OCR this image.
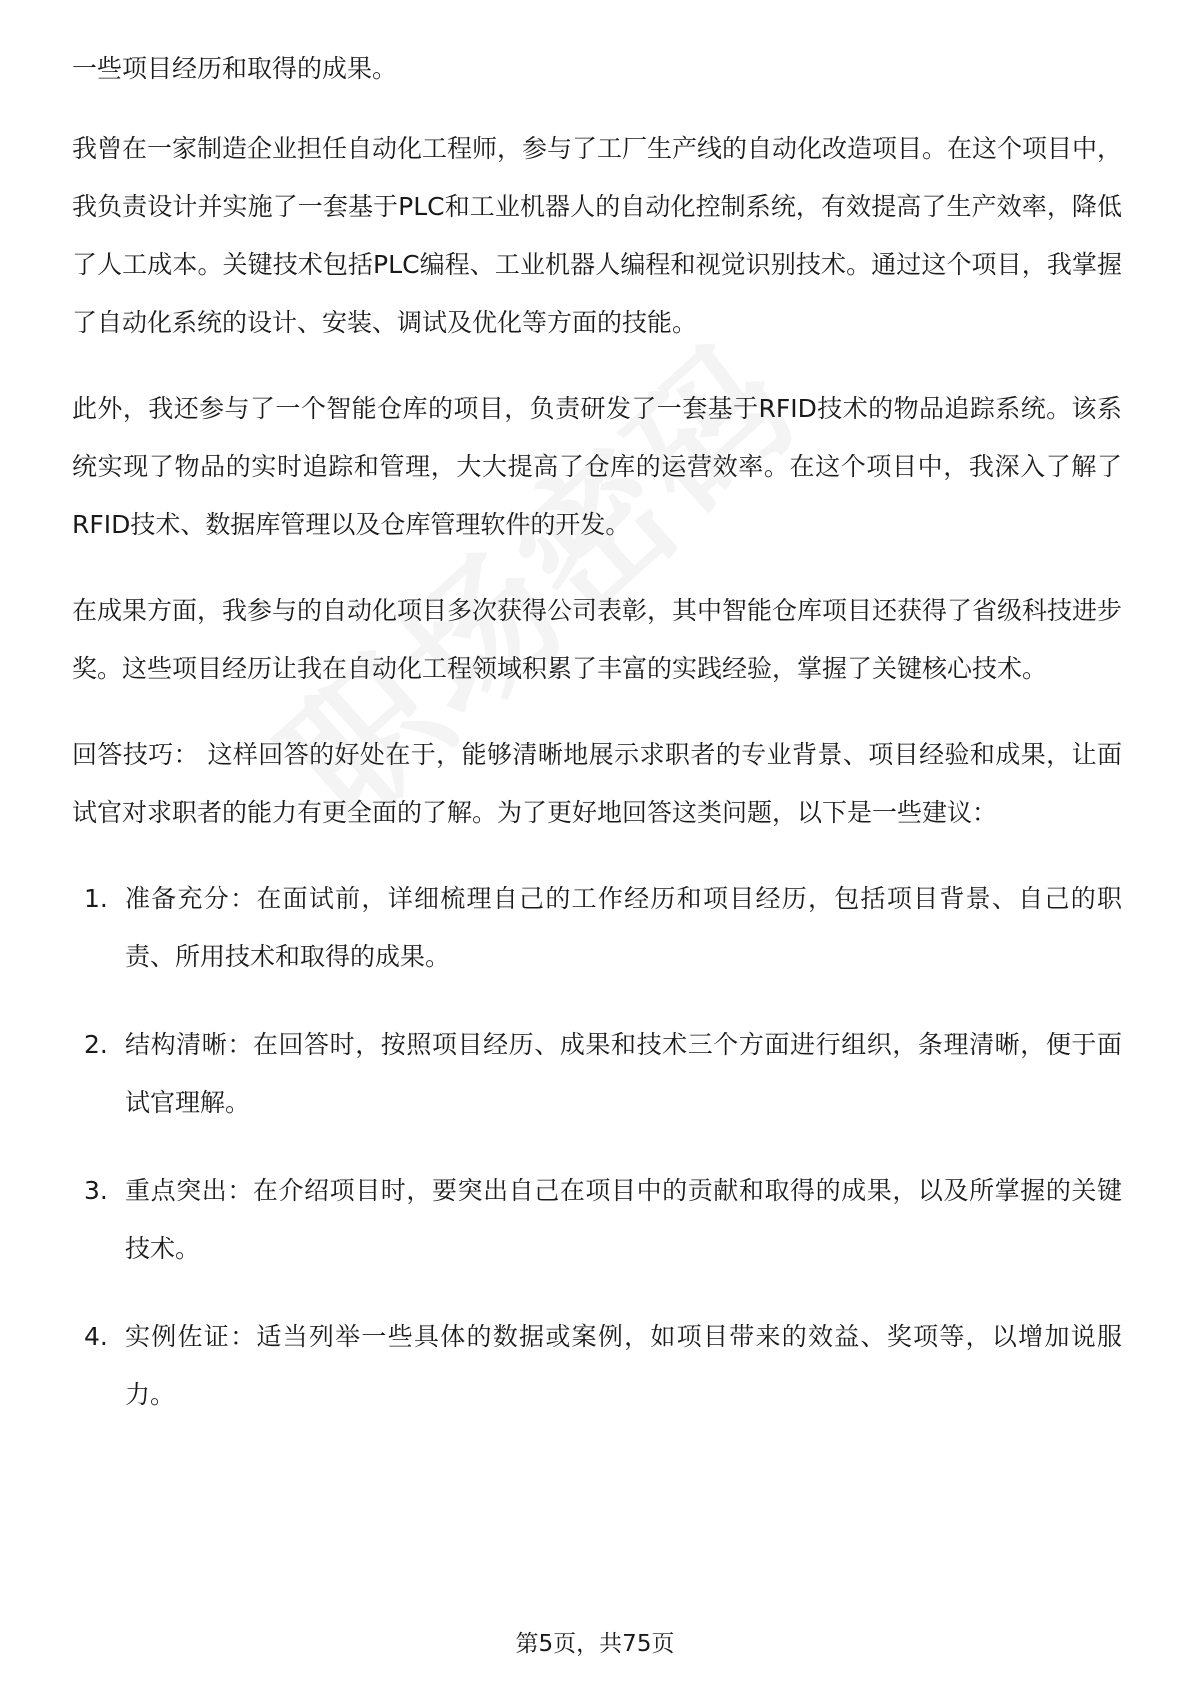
一些项目经历和取得的成果。

我曾在一家制造企业担任自动化工程师，参与了工厂生产线的自动化改造项目。在这个项目中，我负责设计并实施了一套基于PLC和工业机器人的自动化控制系统，有效提高了生产效率，降低了人工成本。关键技术包括PLC编程、工业机器人编程和视觉识别技术。通过这个项目，我掌握了自动化系统的设计、安装、调试及优化等方面的技能。

此外，我还参与了一个智能仓库的项目，负责研发了一套基于RFID技术的物品追踪系统。该系统实现了物品的实时追踪和管理，大大提高了仓库的运营效率。在这个项目中，我深入了解了RFID技术、数据库管理以及仓库管理软件的开发。

在成果方面，我参与的自动化项目多次获得公司表彰，其中智能仓库项目还获得了省级科技进步奖。这些项目经历让我在自动化工程领域积累了丰富的实践经验，掌握了关键核心技术。

回答技巧： 这样回答的好处在于，能够清晰地展示求职者的专业背景、项目经验和成果，让面试官对求职者的能力有更全面的了解。为了更好地回答这类问题，以下是一些建议：

1. 准备充分：在面试前，详细梳理自己的工作经历和项目经历，包括项目背景、自己的职责、所用技术和取得的成果。
2. 结构清晰：在回答时，按照项目经历、成果和技术三个方面进行组织，条理清晰，便于面试官理解。
3. 重点突出：在介绍项目时，要突出自己在项目中的贡献和取得的成果，以及所掌握的关键技术。
4. 实例佐证：适当列举一些具体的数据或案例，如项目带来的效益、奖项等，以增加说服力。
第5页，共75页
